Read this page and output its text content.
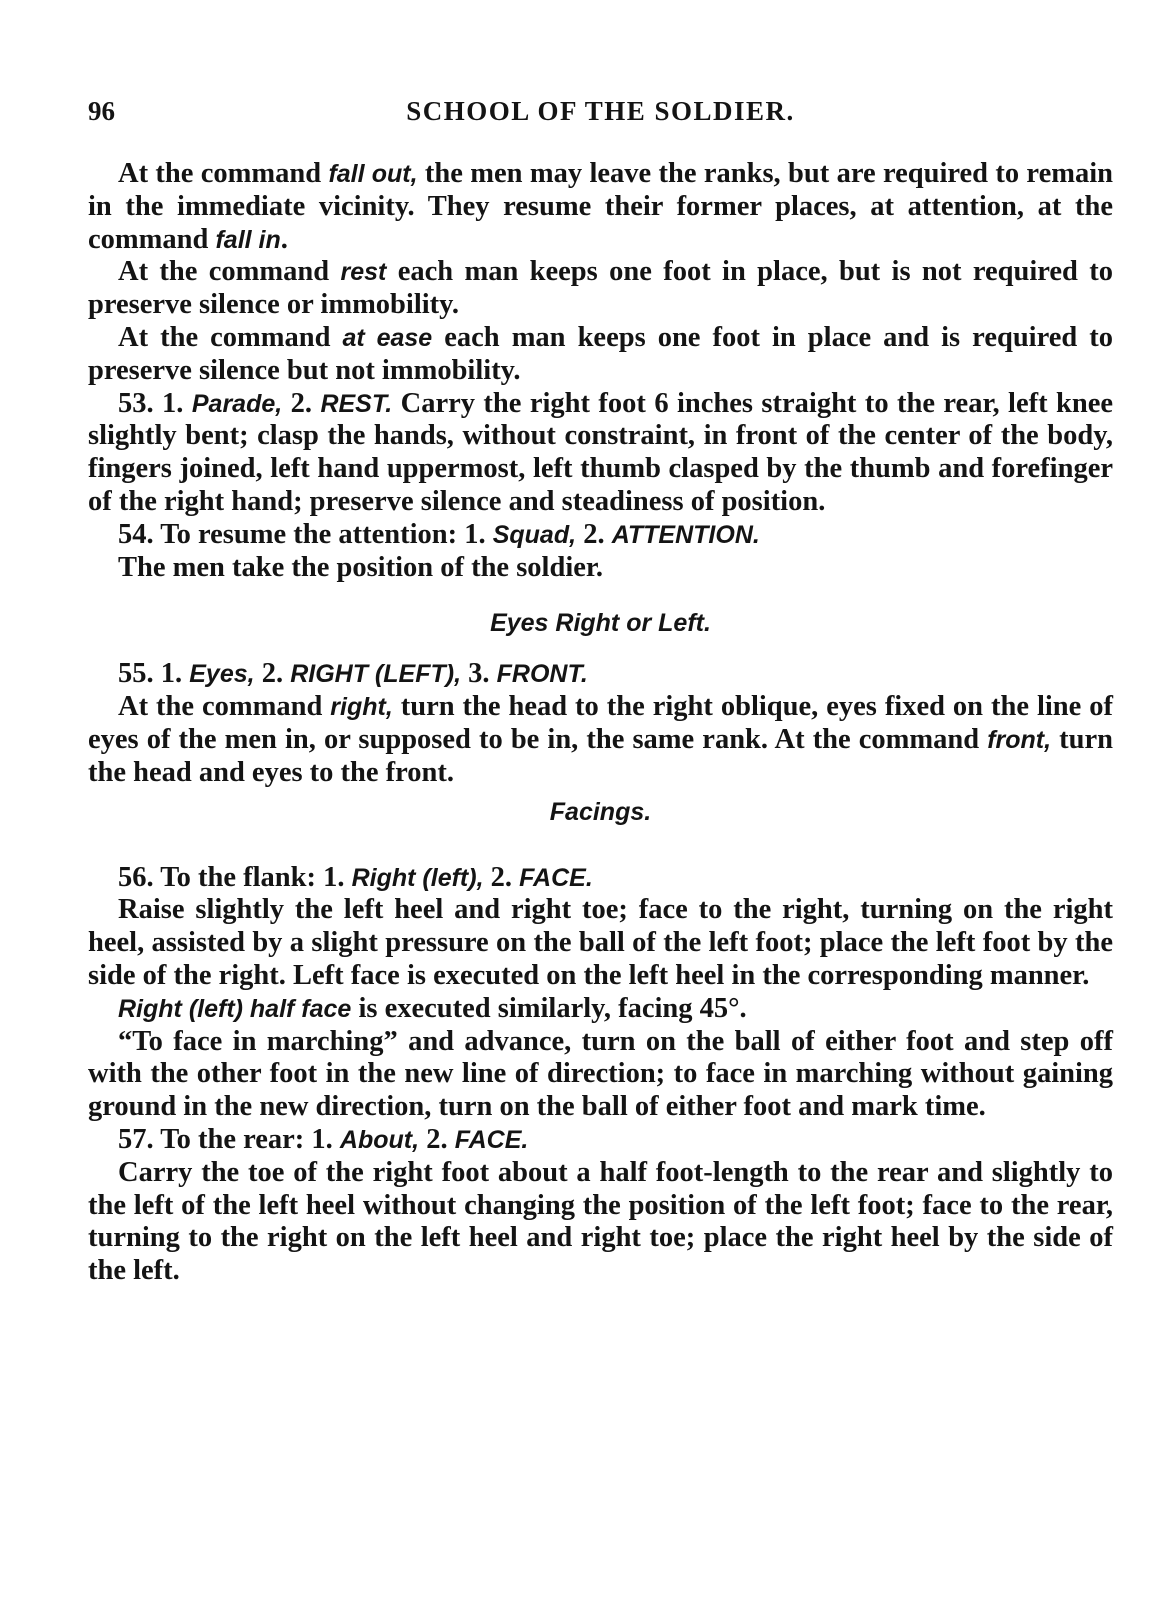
96	SCHOOL OF THE SOLDIER.

At the command fall out, the men may leave the ranks, but are required to remain in the immediate vicinity. They resume their former places, at attention, at the command fall in.

At the command rest each man keeps one foot in place, but is not required to preserve silence or immobility.

At the command at ease each man keeps one foot in place and is required to preserve silence but not immobility.

53. 1. Parade, 2. REST. Carry the right foot 6 inches straight to the rear, left knee slightly bent; clasp the hands, without constraint, in front of the center of the body, fingers joined, left hand uppermost, left thumb clasped by the thumb and forefinger of the right hand; preserve silence and steadiness of position.

54. To resume the attention: 1. Squad, 2. ATTENTION.

The men take the position of the soldier.

Eyes Right or Left.

55. 1. Eyes, 2. RIGHT (LEFT), 3. FRONT.

At the command right, turn the head to the right oblique, eyes fixed on the line of eyes of the men in, or supposed to be in, the same rank. At the command front, turn the head and eyes to the front.

Facings.

56. To the flank: 1. Right (left), 2. FACE.

Raise slightly the left heel and right toe; face to the right, turning on the right heel, assisted by a slight pressure on the ball of the left foot; place the left foot by the side of the right. Left face is executed on the left heel in the corresponding manner.

Right (left) half face is executed similarly, facing 45°.

“To face in marching” and advance, turn on the ball of either foot and step off with the other foot in the new line of direction; to face in marching without gaining ground in the new direction, turn on the ball of either foot and mark time.

57. To the rear: 1. About, 2. FACE.

Carry the toe of the right foot about a half foot-length to the rear and slightly to the left of the left heel without changing the position of the left foot; face to the rear, turning to the right on the left heel and right toe; place the right heel by the side of the left.
